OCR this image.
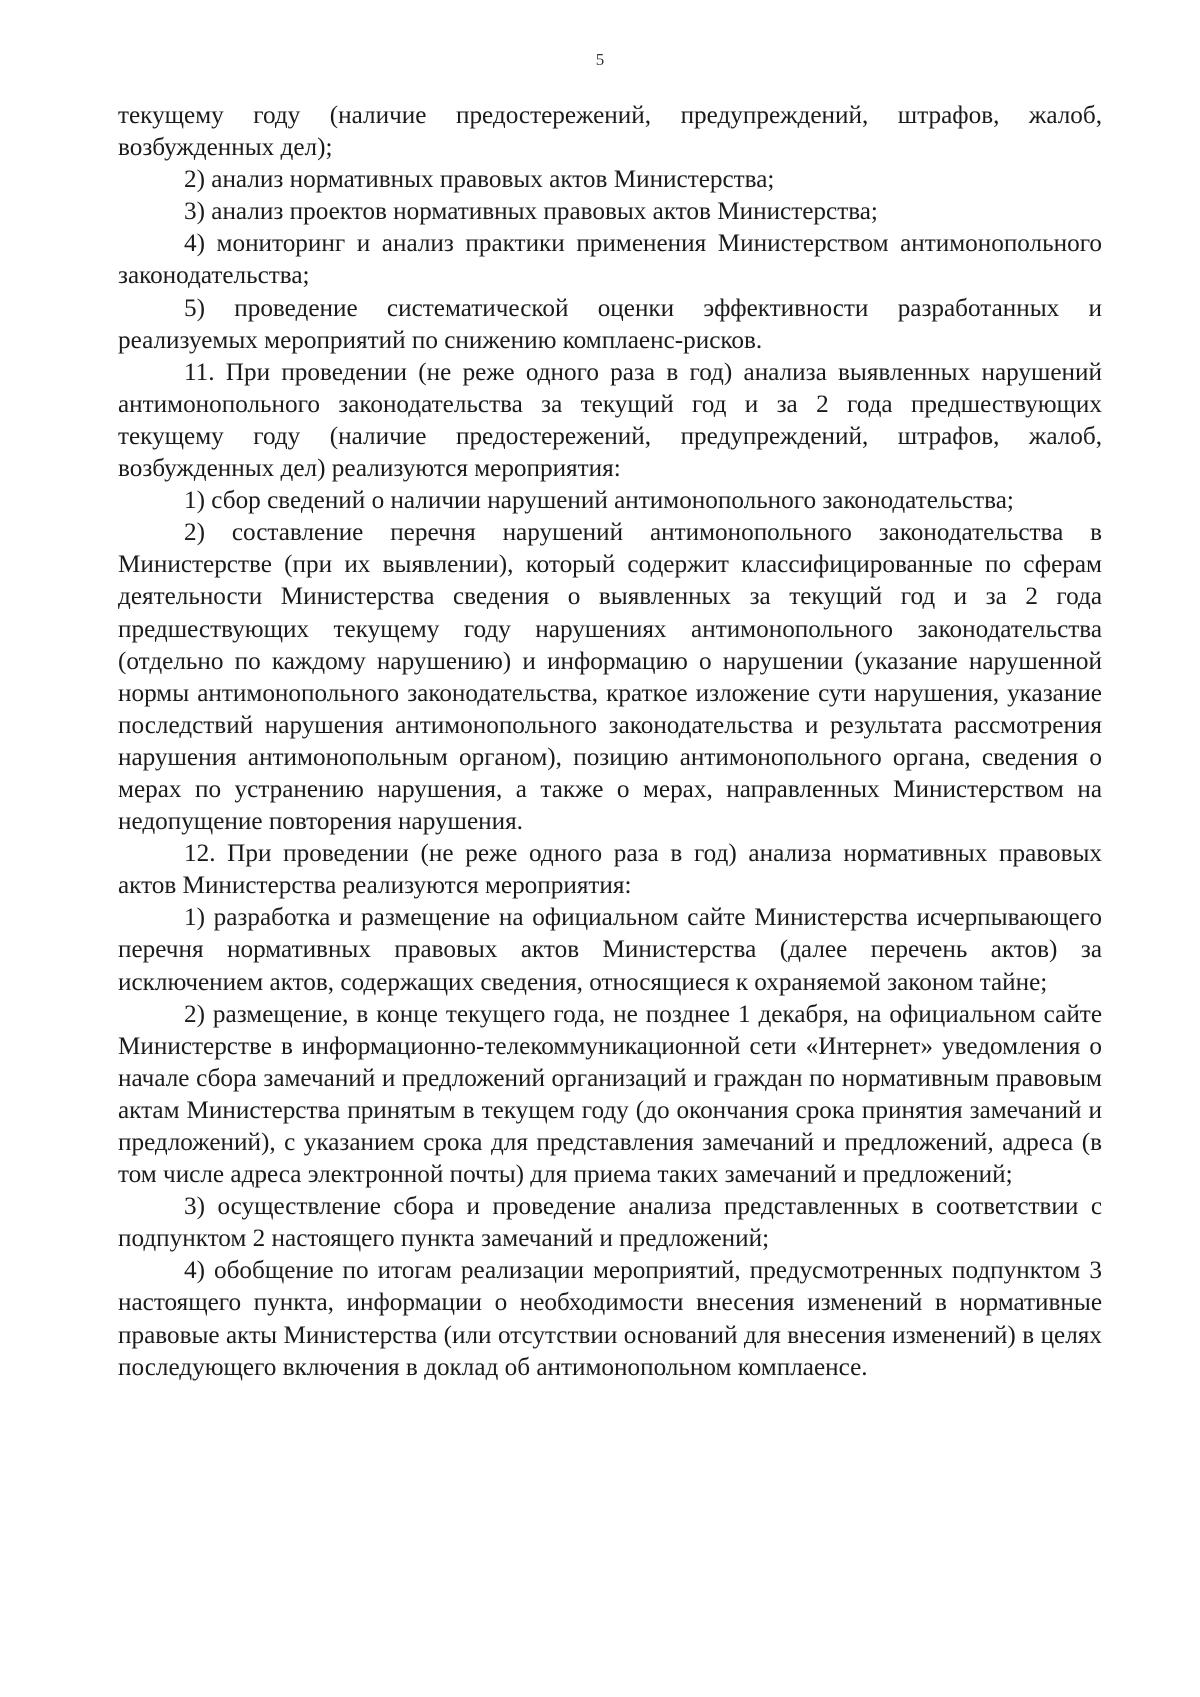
5

текущему году (наличие предостережений, предупреждений, штрафов, жалоб, возбужденных дел);

2) анализ нормативных правовых актов Министерства;

3) анализ проектов нормативных правовых актов Министерства;

4) мониторинг и анализ практики применения Министерством антимонопольного законодательства;

5) проведение систематической оценки эффективности разработанных и реализуемых мероприятий по снижению комплаенс-рисков.

11. При проведении (не реже одного раза в год) анализа выявленных нарушений антимонопольного законодательства за текущий год и за 2 года предшествующих текущему году (наличие предостережений, предупреждений, штрафов, жалоб, возбужденных дел) реализуются мероприятия:

1) сбор сведений о наличии нарушений антимонопольного законодательства;

2) составление перечня нарушений антимонопольного законодательства в Министерстве (при их выявлении), который содержит классифицированные по сферам деятельности Министерства сведения о выявленных за текущий год и за 2 года предшествующих текущему году нарушениях антимонопольного законодательства (отдельно по каждому нарушению) и информацию о нарушении (указание нарушенной нормы антимонопольного законодательства, краткое изложение сути нарушения, указание последствий нарушения антимонопольного законодательства и результата рассмотрения нарушения антимонопольным органом), позицию антимонопольного органа, сведения о мерах по устранению нарушения, а также о мерах, направленных Министерством на недопущение повторения нарушения.

12. При проведении (не реже одного раза в год) анализа нормативных правовых актов Министерства реализуются мероприятия:

1) разработка и размещение на официальном сайте Министерства исчерпывающего перечня нормативных правовых актов Министерства (далее перечень актов) за исключением актов, содержащих сведения, относящиеся к охраняемой законом тайне;

2) размещение, в конце текущего года, не позднее 1 декабря, на официальном сайте Министерстве в информационно-телекоммуникационной сети «Интернет» уведомления о начале сбора замечаний и предложений организаций и граждан по нормативным правовым актам Министерства принятым в текущем году (до окончания срока принятия замечаний и предложений), с указанием срока для представления замечаний и предложений, адреса (в том числе адреса электронной почты) для приема таких замечаний и предложений;

3) осуществление сбора и проведение анализа представленных в соответствии с подпунктом 2 настоящего пункта замечаний и предложений;

4) обобщение по итогам реализации мероприятий, предусмотренных подпунктом 3 настоящего пункта, информации о необходимости внесения изменений в нормативные правовые акты Министерства (или отсутствии оснований для внесения изменений) в целях последующего включения в доклад об антимонопольном комплаенсе.
